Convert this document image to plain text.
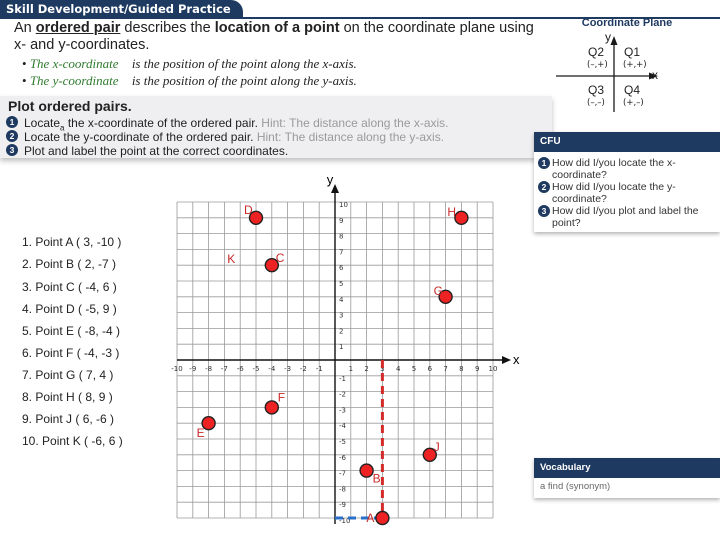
Skill Development/Guided Practice
An ordered pair describes the location of a point on the coordinate plane using x- and y-coordinates.
• The x-coordinate is the position of the point along the x-axis.
• The y-coordinate is the position of the point along the y-axis.
Coordinate Plane
y
x
Q2
(–,+)
Q1
(+,+)
Q3
(–,–)
Q4
(+,–)
Plot ordered pairs.
1 Locate$_a$ the x-coordinate of the ordered pair. Hint: The distance along the x-axis.
2 Locate the y-coordinate of the ordered pair. Hint: The distance along the y-axis.
3 Plot and label the point at the correct coordinates.
CFU
1 How did I/you locate the x-coordinate?
2 How did I/you locate the y-coordinate?
3 How did I/you plot and label the point?
1. Point A ( 3, -10 )
2. Point B ( 2, -7 )
3. Point C ( -4, 6 )
4. Point D ( -5, 9 )
5. Point E ( -8, -4 )
6. Point F ( -4, -3 )
7. Point G ( 7, 4 )
8. Point H ( 8, 9 )
9. Point J ( 6, -6 )
10. Point K ( -6, 6 )
x
y
-10 -9 -8 -7 -6 -5 -4 -3 -2 -1	1 2 3 4 5 6 7 8 9 10
-10
-9
-8
-7
-6
-5
-4
-3
-2
-1
1
2
3
4
5
6
7
8
9
10
A
B
C
D
E
F
G
H
J
K
Vocabulary
a find (synonym)
